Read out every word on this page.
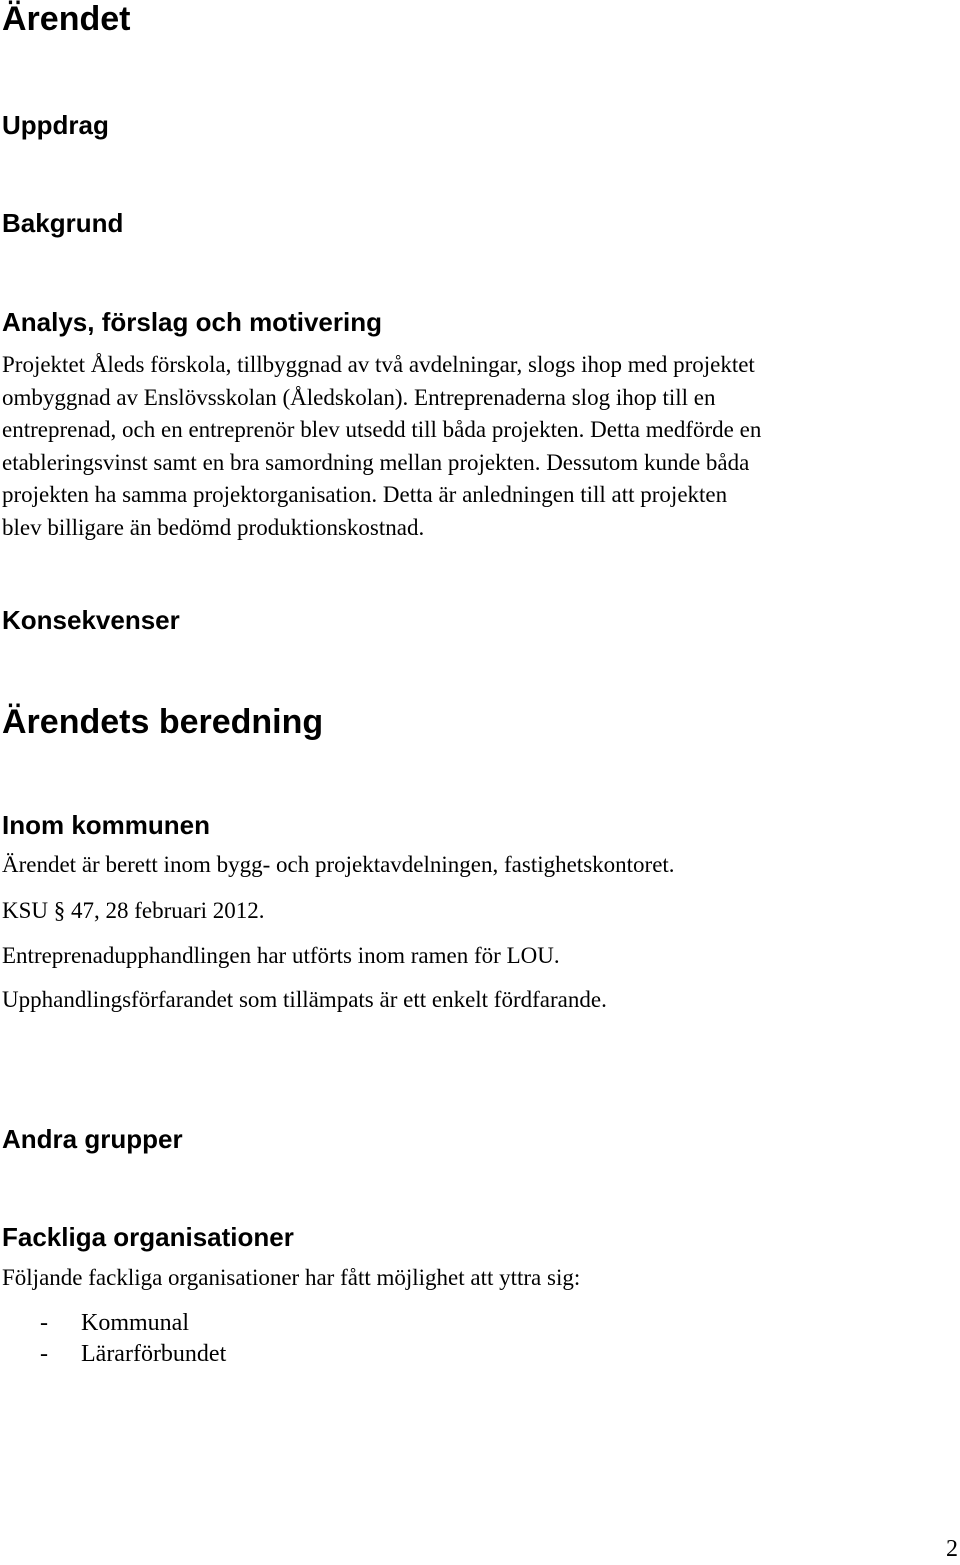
Ärendet
Uppdrag
Bakgrund
Analys, förslag och motivering

Projektet Åleds förskola, tillbyggnad av två avdelningar, slogs ihop med projektet
ombyggnad av Enslövsskolan (Åledskolan). Entreprenaderna slog ihop till en
entreprenad, och en entreprenör blev utsedd till båda projekten. Detta medförde en
etableringsvinst samt en bra samordning mellan projekten. Dessutom kunde båda
projekten ha samma projektorganisation. Detta är anledningen till att projekten
blev billigare än bedömd produktionskostnad.

Konsekvenser
Ärendets beredning
Inom kommunen

Ärendet är berett inom bygg- och projektavdelningen, fastighetskontoret.

KSU § 47, 28 februari 2012.

Entreprenadupphandlingen har utförts inom ramen för LOU.

Upphandlingsförfarandet som tillämpats är ett enkelt fördfarande.

Andra grupper
Fackliga organisationer

Följande fackliga organisationer har fått möjlighet att yttra sig:

- Kommunal
- Lärarförbundet
2
